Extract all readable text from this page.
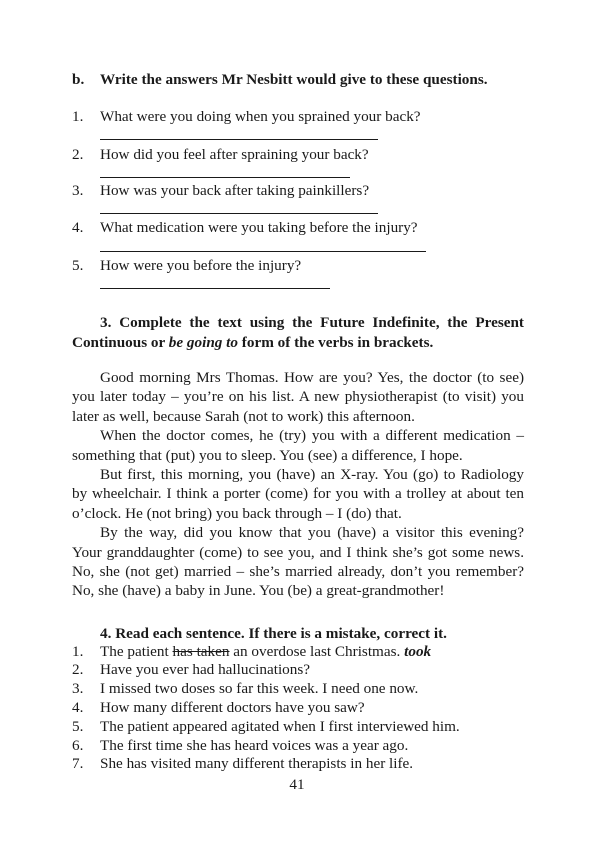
b. Write the answers Mr Nesbitt would give to these questions.
1. What were you doing when you sprained your back?
2. How did you feel after spraining your back?
3. How was your back after taking painkillers?
4. What medication were you taking before the injury?
5. How were you before the injury?
3. Complete the text using the Future Indefinite, the Present
Continuous or be going to form of the verbs in brackets.

Good morning Mrs Thomas. How are you? Yes, the doctor (to see) you later today – you’re on his list. A new physiotherapist (to visit) you later as well, because Sarah (not to work) this afternoon.

When the doctor comes, he (try) you with a different medication – something that (put) you to sleep. You (see) a difference, I hope.

But first, this morning, you (have) an X-ray. You (go) to Radiology by wheelchair. I think a porter (come) for you with a trolley at about ten o’clock. He (not bring) you back through – I (do) that.

By the way, did you know that you (have) a visitor this evening? Your granddaughter (come) to see you, and I think she’s got some news. No, she (not get) married – she’s married already, don’t you remember? No, she (have) a baby in June. You (be) a great-grandmother!

4. Read each sentence. If there is a mistake, correct it.
1. The patient has taken an overdose last Christmas. took
2. Have you ever had hallucinations?
3. I missed two doses so far this week. I need one now.
4. How many different doctors have you saw?
5. The patient appeared agitated when I first interviewed him.
6. The first time she has heard voices was a year ago.
7. She has visited many different therapists in her life.
41
